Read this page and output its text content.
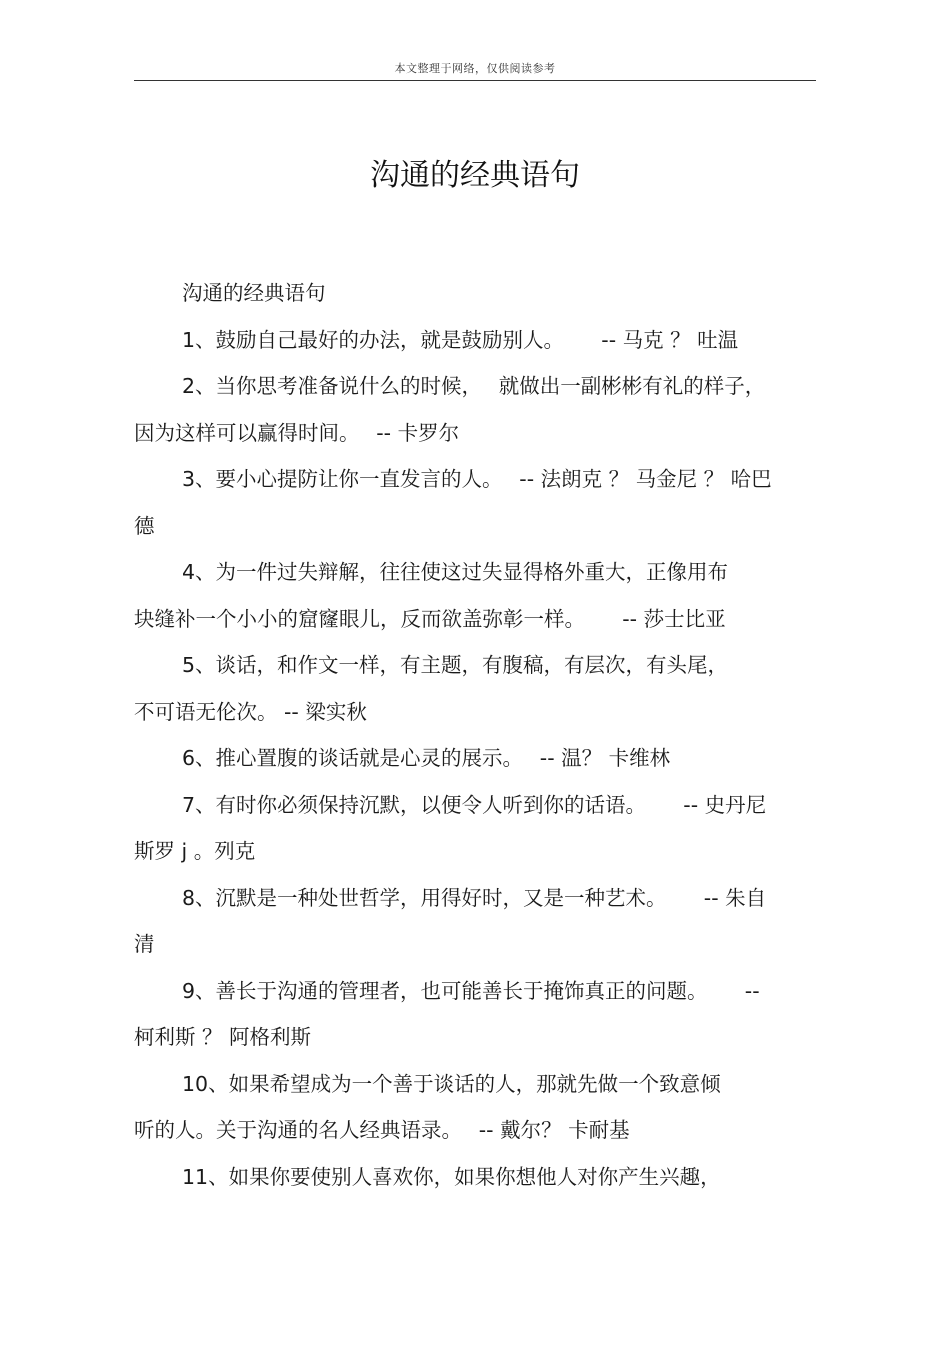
本文整理于网络，仅供阅读参考
沟通的经典语句
沟通的经典语句
1、鼓励自己最好的办法，就是鼓励别人。　　 -- 马克 ？ 吐温
2、当你思考准备说什么的时候，　 就做出一副彬彬有礼的样子，
因为这样可以赢得时间。　 -- 卡罗尔
3、要小心提防让你一直发言的人。　 -- 法朗克 ？ 马金尼 ？ 哈巴
德
4、为一件过失辩解，往往使这过失显得格外重大，正像用布
块缝补一个小小的窟窿眼儿，反而欲盖弥彰一样。　　 -- 莎士比亚
5、谈话，和作文一样，有主题，有腹稿，有层次，有头尾，
不可语无伦次。 -- 梁实秋
6、推心置腹的谈话就是心灵的展示。　 -- 温？ 卡维林
7、有时你必须保持沉默，以便令人听到你的话语。　　 -- 史丹尼
斯罗 j 。列克
8、沉默是一种处世哲学，用得好时，又是一种艺术。　　 -- 朱自
清
9、善长于沟通的管理者，也可能善长于掩饰真正的问题。　　 --
柯利斯 ？ 阿格利斯
10、如果希望成为一个善于谈话的人，那就先做一个致意倾
听的人。关于沟通的名人经典语录。　 -- 戴尔？ 卡耐基
11、如果你要使别人喜欢你，如果你想他人对你产生兴趣，
